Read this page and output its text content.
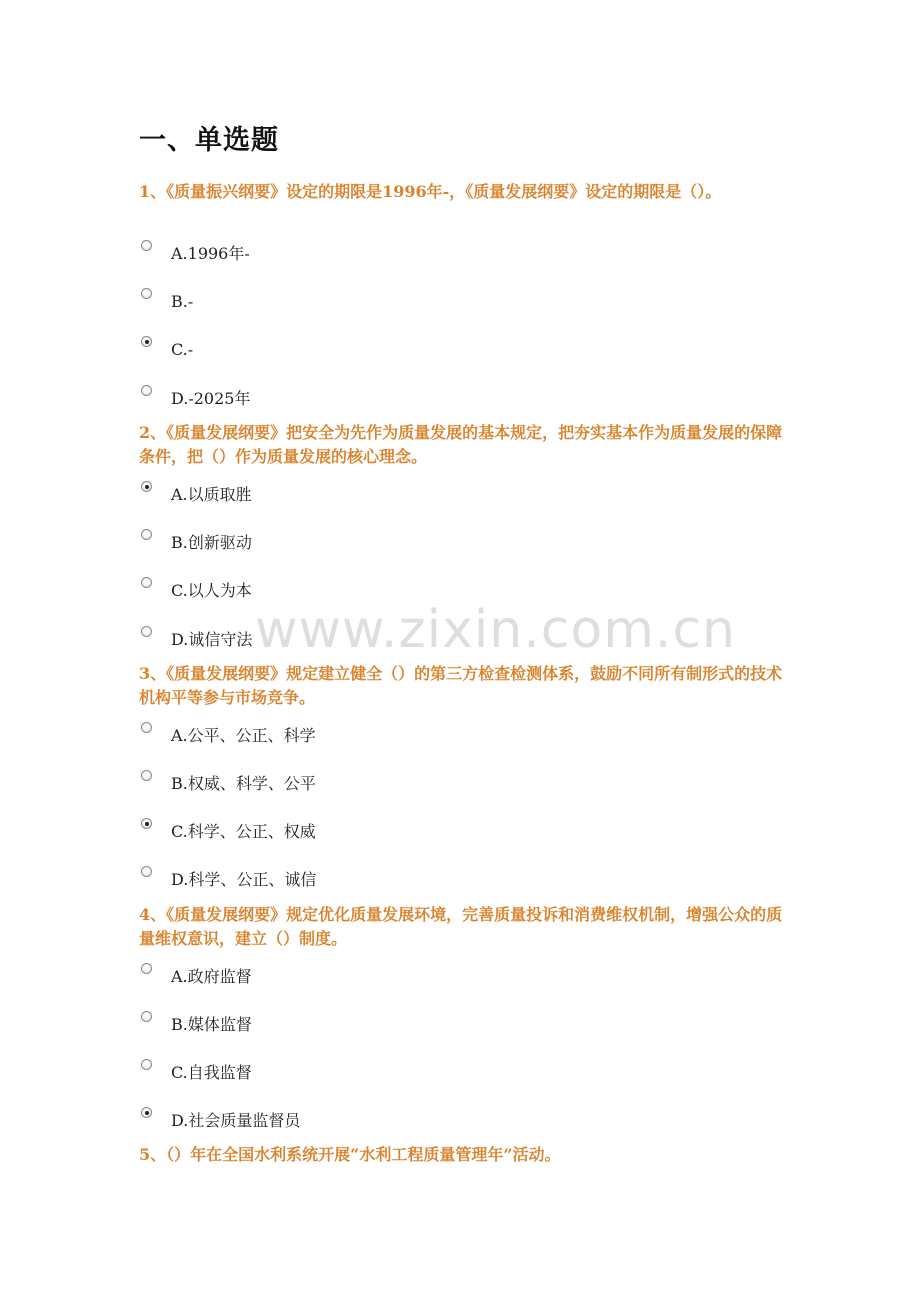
www.zixin.com.cn
一、单选题
1、《质量振兴纲要》设定的期限是1996年-，《质量发展纲要》设定的期限是（）。
A.1996年-
B.-
C.-
D.-2025年
2、《质量发展纲要》把安全为先作为质量发展的基本规定，把夯实基本作为质量发展的保障条件，把（）作为质量发展的核心理念。
A.以质取胜
B.创新驱动
C.以人为本
D.诚信守法
3、《质量发展纲要》规定建立健全（）的第三方检查检测体系，鼓励不同所有制形式的技术机构平等参与市场竞争。
A.公平、公正、科学
B.权威、科学、公平
C.科学、公正、权威
D.科学、公正、诚信
4、《质量发展纲要》规定优化质量发展环境，完善质量投诉和消费维权机制，增强公众的质量维权意识，建立（）制度。
A.政府监督
B.媒体监督
C.自我监督
D.社会质量监督员
5、（）年在全国水利系统开展“水利工程质量管理年”活动。
